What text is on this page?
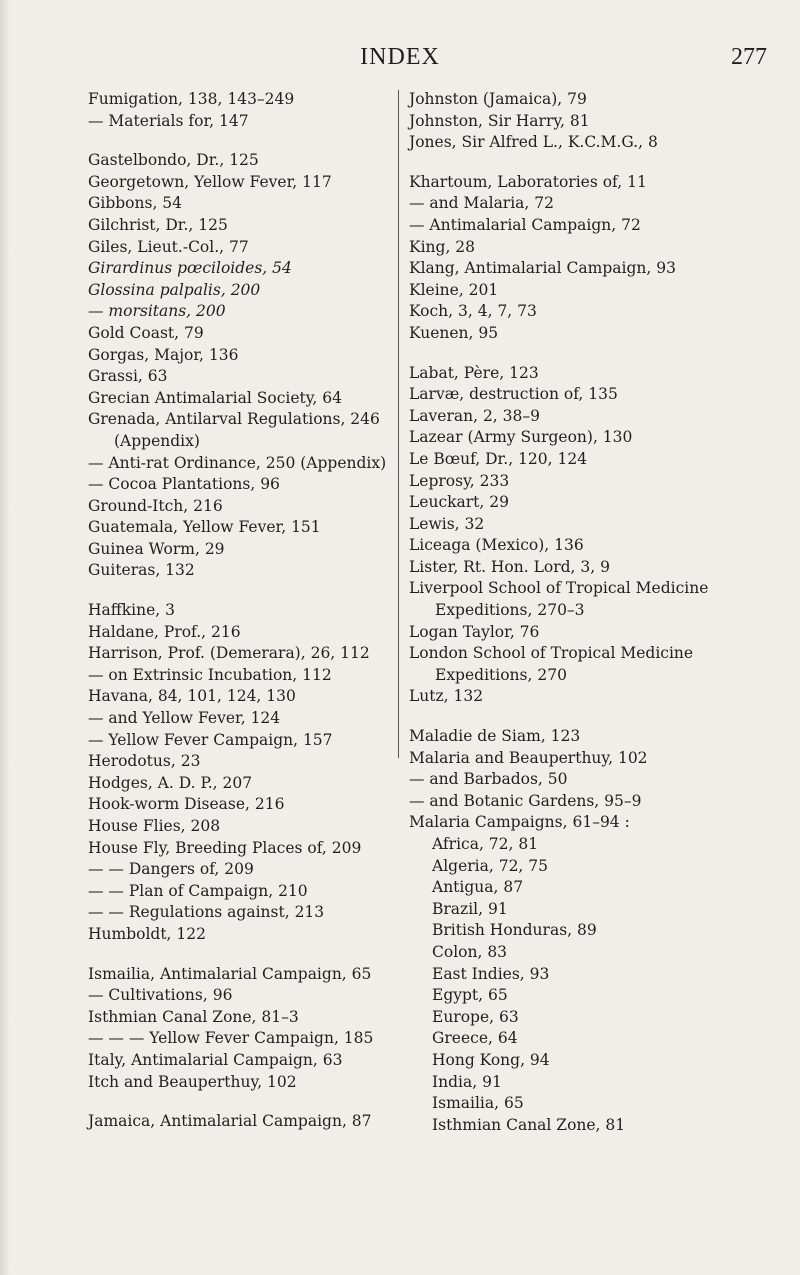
INDEX	277
Fumigation, 138, 143–249
— Materials for, 147
Gastelbondo, Dr., 125
Georgetown, Yellow Fever, 117
Gibbons, 54
Gilchrist, Dr., 125
Giles, Lieut.-Col., 77
Girardinus pœciloides, 54
Glossina palpalis, 200
— morsitans, 200
Gold Coast, 79
Gorgas, Major, 136
Grassi, 63
Grecian Antimalarial Society, 64
Grenada, Antilarval Regulations, 246 (Appendix)
— Anti-rat Ordinance, 250 (Appendix)
— Cocoa Plantations, 96
Ground-Itch, 216
Guatemala, Yellow Fever, 151
Guinea Worm, 29
Guiteras, 132
Haffkine, 3
Haldane, Prof., 216
Harrison, Prof. (Demerara), 26, 112
— on Extrinsic Incubation, 112
Havana, 84, 101, 124, 130
— and Yellow Fever, 124
— Yellow Fever Campaign, 157
Herodotus, 23
Hodges, A. D. P., 207
Hook-worm Disease, 216
House Flies, 208
House Fly, Breeding Places of, 209
— — Dangers of, 209
— — Plan of Campaign, 210
— — Regulations against, 213
Humboldt, 122
Ismailia, Antimalarial Campaign, 65
— Cultivations, 96
Isthmian Canal Zone, 81–3
— — — Yellow Fever Campaign, 185
Italy, Antimalarial Campaign, 63
Itch and Beauperthuy, 102
Jamaica, Antimalarial Campaign, 87
Johnston (Jamaica), 79
Johnston, Sir Harry, 81
Jones, Sir Alfred L., K.C.M.G., 8
Khartoum, Laboratories of, 11
— and Malaria, 72
— Antimalarial Campaign, 72
King, 28
Klang, Antimalarial Campaign, 93
Kleine, 201
Koch, 3, 4, 7, 73
Kuenen, 95
Labat, Père, 123
Larvæ, destruction of, 135
Laveran, 2, 38–9
Lazear (Army Surgeon), 130
Le Bœuf, Dr., 120, 124
Leprosy, 233
Leuckart, 29
Lewis, 32
Liceaga (Mexico), 136
Lister, Rt. Hon. Lord, 3, 9
Liverpool School of Tropical Medicine Expeditions, 270–3
Logan Taylor, 76
London School of Tropical Medicine Expeditions, 270
Lutz, 132
Maladie de Siam, 123
Malaria and Beauperthuy, 102
— and Barbados, 50
— and Botanic Gardens, 95–9
Malaria Campaigns, 61–94 :
Africa, 72, 81
Algeria, 72, 75
Antigua, 87
Brazil, 91
British Honduras, 89
Colon, 83
East Indies, 93
Egypt, 65
Europe, 63
Greece, 64
Hong Kong, 94
India, 91
Ismailia, 65
Isthmian Canal Zone, 81
